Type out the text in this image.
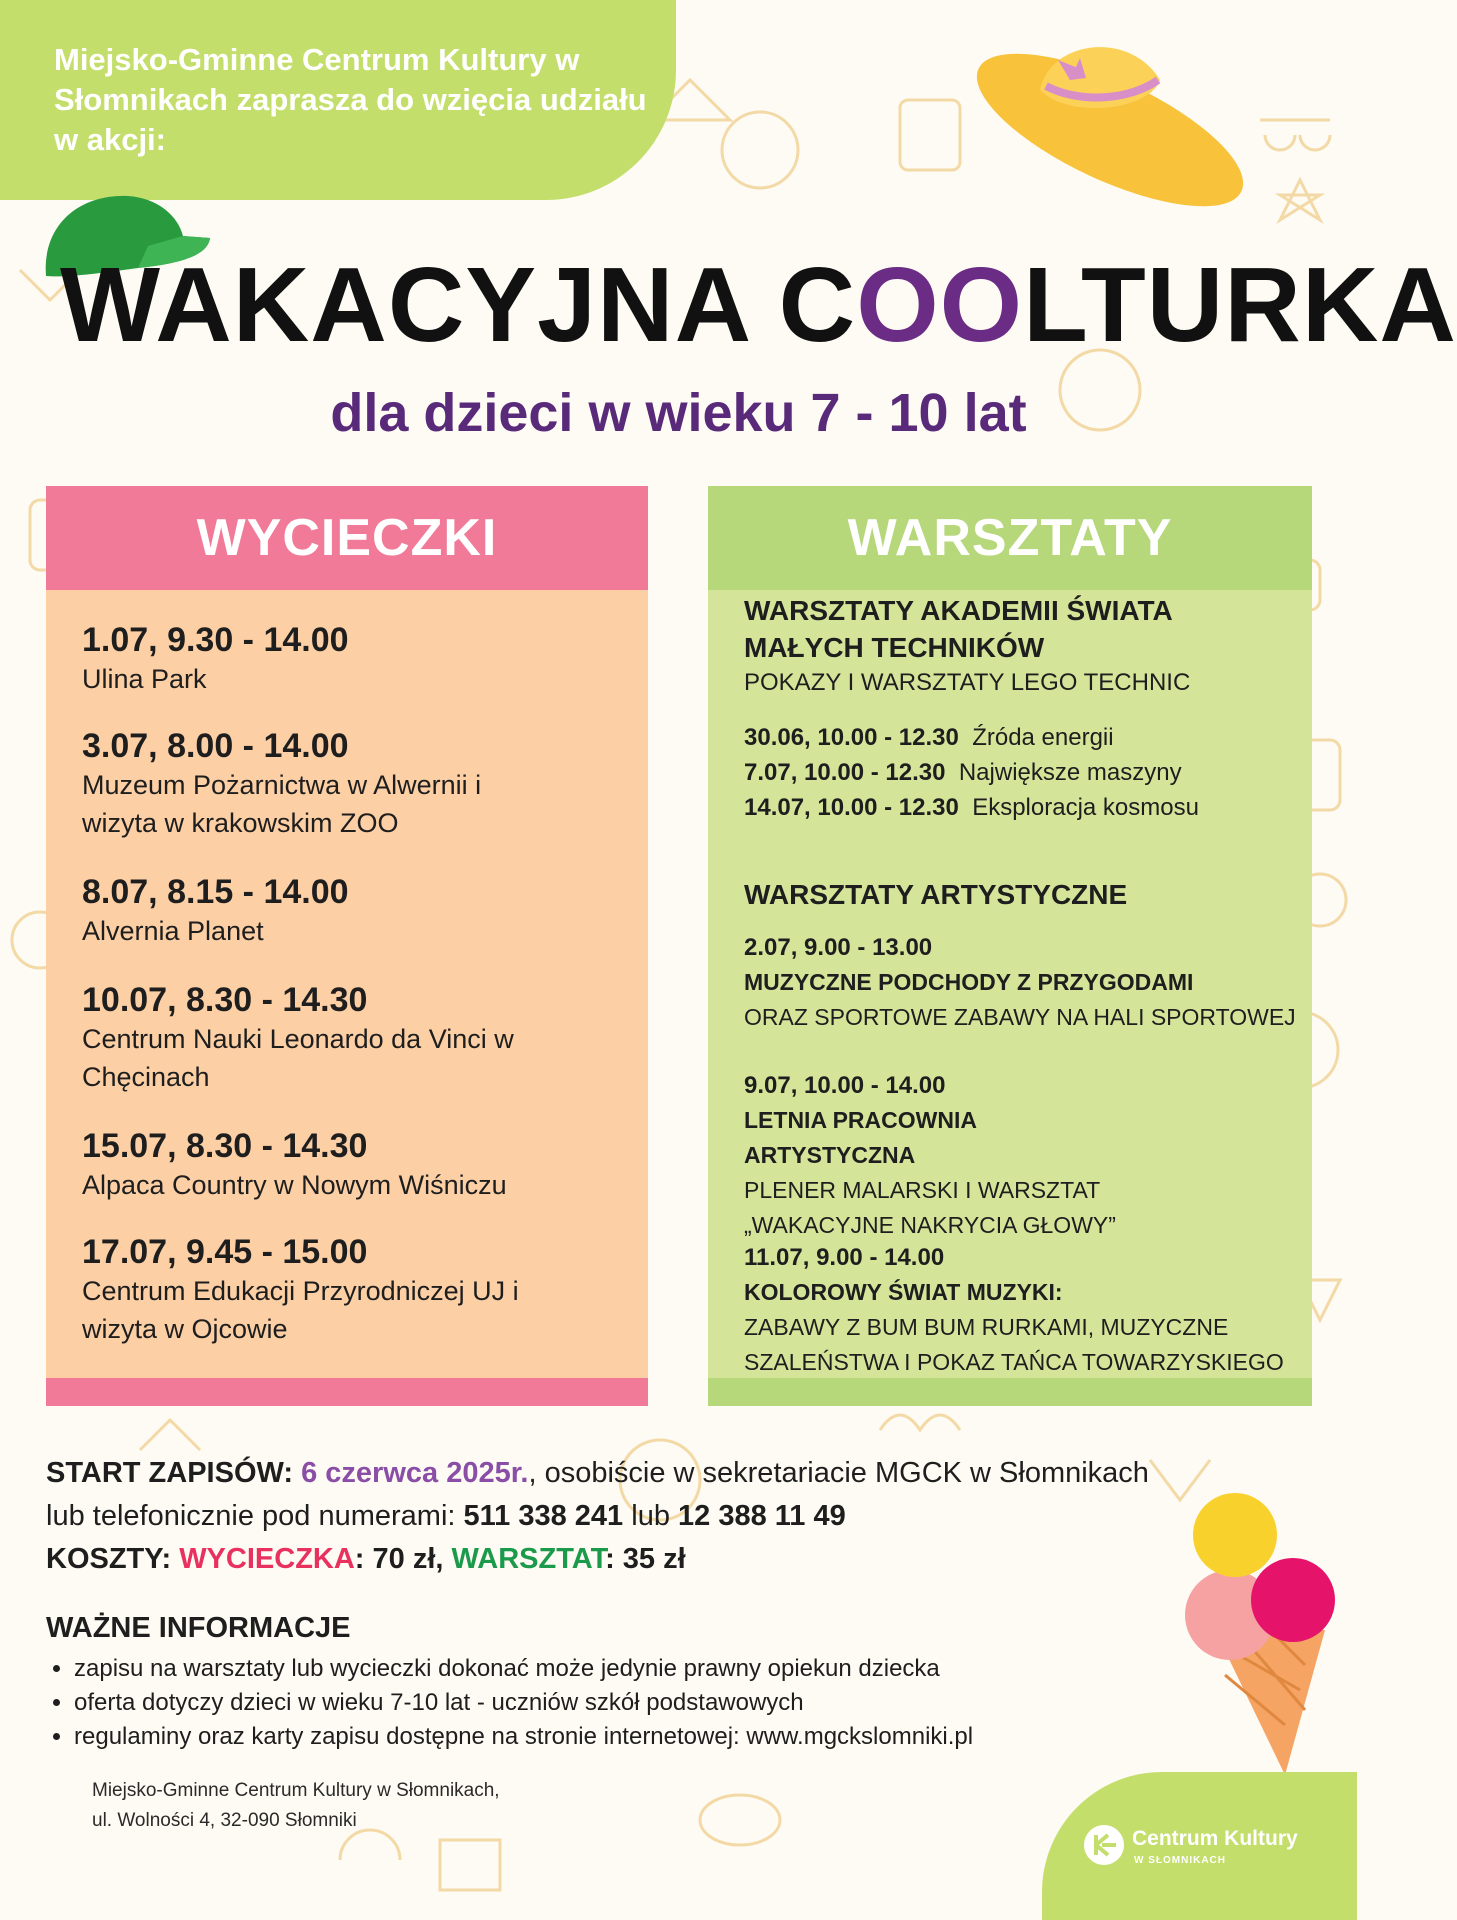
Miejsko-Gminne Centrum Kultury w Słomnikach zaprasza do wzięcia udziału w akcji:
WAKACYJNA COOLTURKA
dla dzieci w wieku 7 - 10 lat
WYCIECZKI
1.07, 9.30 - 14.00
Ulina Park
3.07, 8.00 - 14.00
Muzeum Pożarnictwa w Alwernii i wizyta w krakowskim ZOO
8.07, 8.15 - 14.00
Alvernia Planet
10.07, 8.30 - 14.30
Centrum Nauki Leonardo da Vinci w Chęcinach
15.07, 8.30 - 14.30
Alpaca Country w Nowym Wiśniczu
17.07, 9.45 - 15.00
Centrum Edukacji Przyrodniczej UJ i wizyta w Ojcowie
WARSZTATY
WARSZTATY AKADEMII ŚWIATA MAŁYCH TECHNIKÓW
POKAZY I WARSZTATY LEGO TECHNIC
30.06, 10.00 - 12.30 Źróda energii
7.07, 10.00 - 12.30 Największe maszyny
14.07, 10.00 - 12.30 Eksploracja kosmosu
WARSZTATY ARTYSTYCZNE
2.07, 9.00 - 13.00
MUZYCZNE PODCHODY Z PRZYGODAMI
ORAZ SPORTOWE ZABAWY NA HALI SPORTOWEJ
9.07, 10.00 - 14.00
LETNIA PRACOWNIA ARTYSTYCZNA
PLENER MALARSKI I WARSZTAT „WAKACYJNE NAKRYCIA GŁOWY”
11.07, 9.00 - 14.00
KOLOROWY ŚWIAT MUZYKI:
ZABAWY Z BUM BUM RURKAMI, MUZYCZNE SZALEŃSTWA I POKAZ TAŃCA TOWARZYSKIEGO
START ZAPISÓW: 6 czerwca 2025r., osobiście w sekretariacie MGCK w Słomnikach
lub telefonicznie pod numerami: 511 338 241 lub 12 388 11 49
KOSZTY: WYCIECZKA: 70 zł, WARSZTAT: 35 zł
WAŻNE INFORMACJE
• zapisu na warsztaty lub wycieczki dokonać może jedynie prawny opiekun dziecka
• oferta dotyczy dzieci w wieku 7-10 lat - uczniów szkół podstawowych
• regulaminy oraz karty zapisu dostępne na stronie internetowej: www.mgckslomniki.pl
Miejsko-Gminne Centrum Kultury w Słomnikach,
ul. Wolności 4, 32-090 Słomniki
Centrum Kultury
W SŁOMNIKACH
